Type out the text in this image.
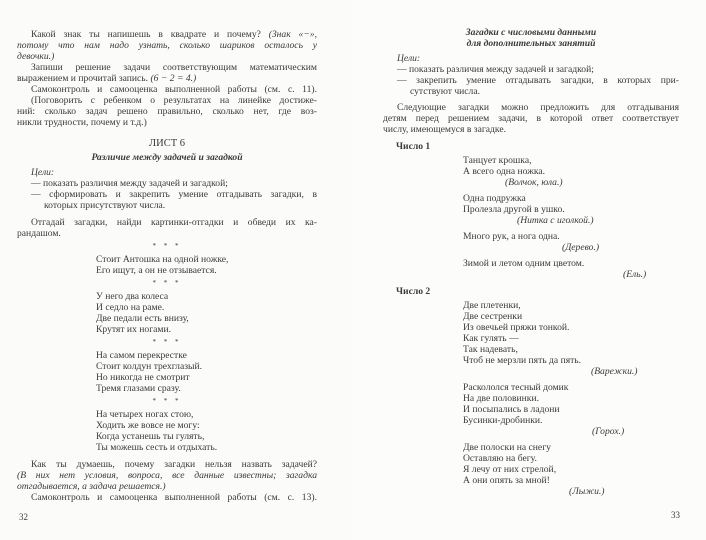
Какой знак ты напишешь в квадрате и почему? (Знак «−»,
потому что нам надо узнать, сколько шариков осталось у
девочки.)
Запиши решение задачи соответствующим математическим
выражением и прочитай запись. (6 − 2 = 4.)
Самоконтроль и самооценка выполненной работы (см. с. 11).
(Поговорить с ребенком о результатах на линейке достиже-
ний: сколько задач решено правильно, сколько нет, где воз-
никли трудности, почему и т.д.)
ЛИСТ 6
Различие между задачей и загадкой
Цели:
— показать различия между задачей и загадкой;
— сформировать и закрепить умение отгадывать загадки, в
которых присутствуют числа.
Отгадай загадки, найди картинки-отгадки и обведи их ка-
рандашом.
* * *
Стоит Антошка на одной ножке,
Его ищут, а он не отзывается.
* * *
У него два колеса
И седло на раме.
Две педали есть внизу,
Крутят их ногами.
* * *
На самом перекрестке
Стоит колдун трехглазый.
Но никогда не смотрит
Тремя глазами сразу.
* * *
На четырех ногах стою,
Ходить же вовсе не могу:
Когда устанешь ты гулять,
Ты можешь сесть и отдыхать.
Как ты думаешь, почему загадки нельзя назвать задачей?
(В них нет условия, вопроса, все данные известны; загадка
отгадывается, а задача решается.)
Самоконтроль и самооценка выполненной работы (см. с. 13).
32
Загадки с числовыми данными
для дополнительных занятий
Цели:
— показать различия между задачей и загадкой;
— закрепить умение отгадывать загадки, в которых при-
сутствуют числа.
Следующие загадки можно предложить для отгадывания
детям перед решением задачи, в которой ответ соответствует
числу, имеющемуся в загадке.
Число 1
Танцует крошка,
А всего одна ножка.
(Волчок, юла.)
Одна подружка
Пролезла другой в ушко.
(Нитка с иголкой.)
Много рук, а нога одна.
(Дерево.)
Зимой и летом одним цветом.
(Ель.)
Число 2
Две плетенки,
Две сестренки
Из овечьей пряжи тонкой.
Как гулять —
Так надевать,
Чтоб не мерзли пять да пять.
(Варежки.)
Раскололся тесный домик
На две половинки.
И посыпались в ладони
Бусинки-дробинки.
(Горох.)
Две полоски на снегу
Оставляю на бегу.
Я лечу от них стрелой,
А они опять за мной!
(Лыжи.)
33
